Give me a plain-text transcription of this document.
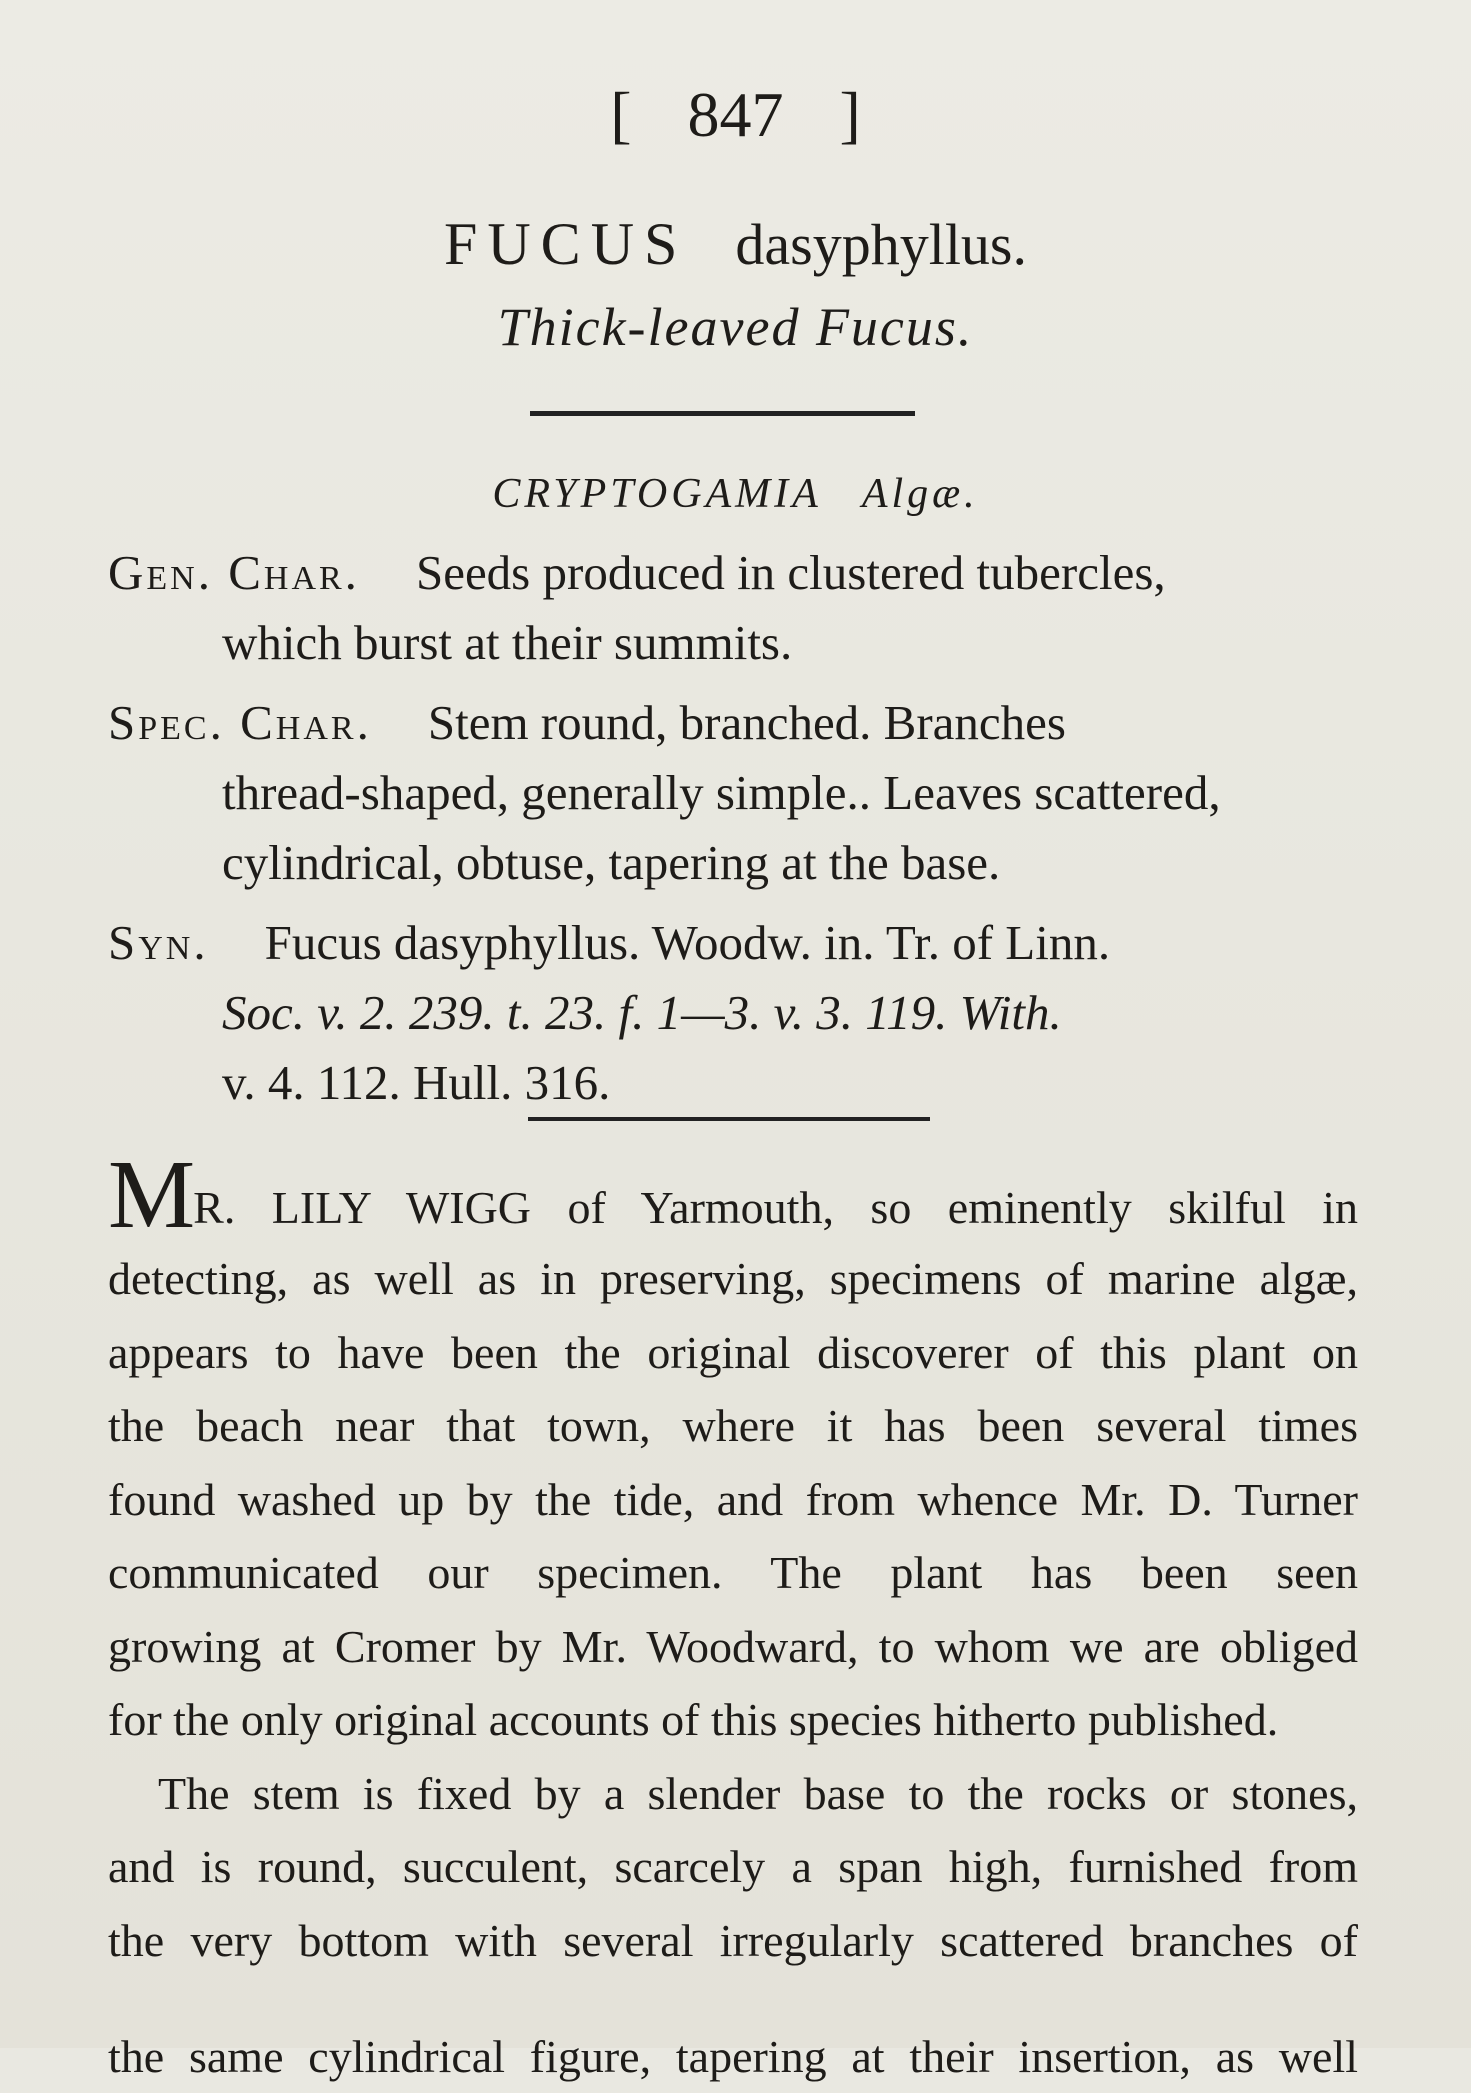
[ 847 ]
FUCUS dasyphyllus.
Thick-leaved Fucus.
CRYPTOGAMIA Algæ.
Gen. Char. Seeds produced in clustered tubercles,
which burst at their summits.
Spec. Char. Stem round, branched. Branches
thread-shaped, generally simple.. Leaves scattered,
cylindrical, obtuse, tapering at the base.
Syn. Fucus dasyphyllus. Woodw. in. Tr. of Linn.
Soc. v. 2. 239. t. 23. f. 1—3. v. 3. 119. With.
v. 4. 112. Hull. 316.
MR. LILY WIGG of Yarmouth, so eminently skilful in
detecting, as well as in preserving, specimens of marine algæ,
appears to have been the original discoverer of this plant on
the beach near that town, where it has been several times
found washed up by the tide, and from whence Mr. D. Turner
communicated our specimen. The plant has been seen
growing at Cromer by Mr. Woodward, to whom we are obliged
for the only original accounts of this species hitherto published.
The stem is fixed by a slender base to the rocks or stones,
and is round, succulent, scarcely a span high, furnished from
the very bottom with several irregularly scattered branches of
the same cylindrical figure, tapering at their insertion, as well
